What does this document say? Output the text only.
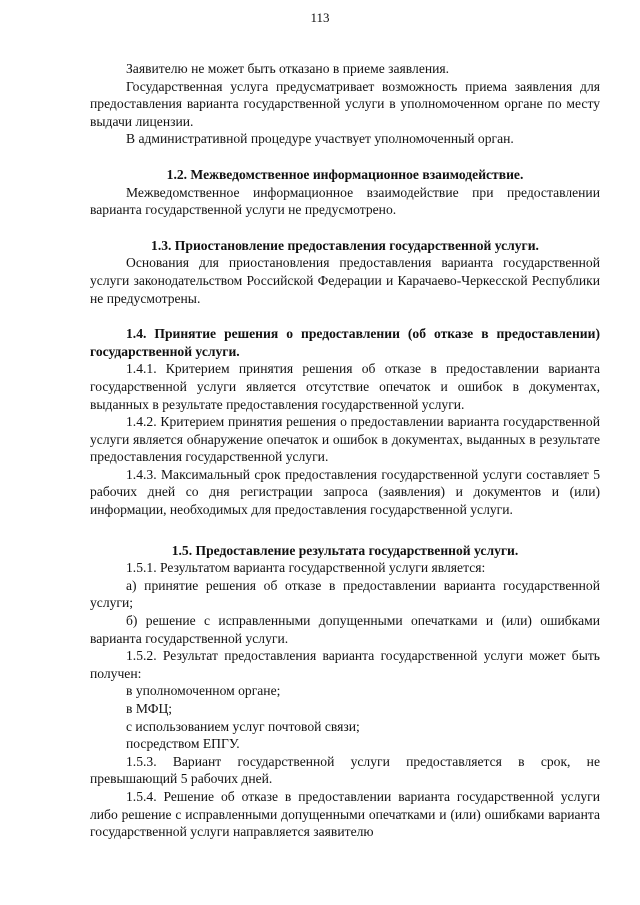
113

Заявителю не может быть отказано в приеме заявления.

Государственная услуга предусматривает возможность приема заявления для предоставления варианта государственной услуги в уполномоченном органе по месту выдачи лицензии.

В административной процедуре участвует уполномоченный орган.

1.2. Межведомственное информационное взаимодействие.

Межведомственное информационное взаимодействие при предоставлении варианта государственной услуги не предусмотрено.

1.3. Приостановление предоставления государственной услуги.

Основания для приостановления предоставления варианта государственной услуги законодательством Российской Федерации и Карачаево-Черкесской Республики не предусмотрены.

1.4. Принятие решения о предоставлении (об отказе в предоставлении) государственной услуги.

1.4.1. Критерием принятия решения об отказе в предоставлении варианта государственной услуги является отсутствие опечаток и ошибок в документах, выданных в результате предоставления государственной услуги.

1.4.2. Критерием принятия решения о предоставлении варианта государственной услуги является обнаружение опечаток и ошибок в документах, выданных в результате предоставления государственной услуги.

1.4.3. Максимальный срок предоставления государственной услуги составляет 5 рабочих дней со дня регистрации запроса (заявления) и документов и (или) информации, необходимых для предоставления государственной услуги.

1.5. Предоставление результата государственной услуги.

1.5.1. Результатом варианта государственной услуги является:

а) принятие решения об отказе в предоставлении варианта государственной услуги;

б) решение с исправленными допущенными опечатками и (или) ошибками варианта государственной услуги.

1.5.2. Результат предоставления варианта государственной услуги может быть получен:

в уполномоченном органе;

в МФЦ;

с использованием услуг почтовой связи;

посредством ЕПГУ.

1.5.3. Вариант государственной услуги предоставляется в срок, не превышающий 5 рабочих дней.

1.5.4. Решение об отказе в предоставлении варианта государственной услуги либо решение с исправленными допущенными опечатками и (или) ошибками варианта государственной услуги направляется заявителю
